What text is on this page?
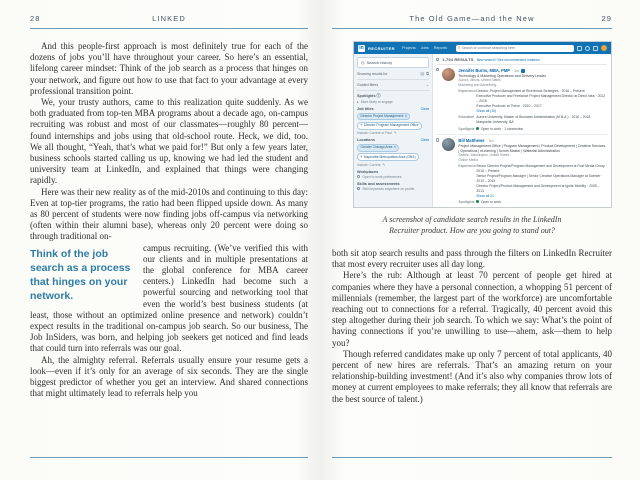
28	LINKED

And this people-first approach is most definitely true for each of the dozens of jobs you’ll have throughout your career. So here’s an essential, lifelong career mindset: Think of the job search as a process that hinges on your network, and figure out how to use that fact to your advantage at every professional transition point.

We, your trusty authors, came to this realization quite suddenly. As we both graduated from top-ten MBA programs about a decade ago, on-campus recruiting was robust and most of our classmates—roughly 80 percent—found internships and jobs using that old-school route. Heck, we did, too. We all thought, “Yeah, that’s what we paid for!” But only a few years later, business schools started calling us up, knowing we had led the student and university team at LinkedIn, and explained that things were changing rapidly.

Here was their new reality as of the mid-2010s and continuing to this day: Even at top-tier programs, the ratio had been flipped upside down. As many as 80 percent of students were now finding jobs off-campus via networking (often within their alumni base), whereas only 20 percent were doing so through traditional on-

Think of the job search as a process that hinges on your network.

campus recruiting. (We’ve verified this with our clients and in multiple presentations at the global conference for MBA career centers.) LinkedIn had become such a powerful sourcing and networking tool that even the world’s best business students (at least, those without an optimized online presence and network) couldn’t expect results in the traditional on-campus job search. So our business, The Job InSiders, was born, and helping job seekers get noticed and find leads that could turn into referrals was our goal.

Ah, the almighty referral. Referrals usually ensure your resume gets a look—even if it’s only for an average of six seconds. They are the single biggest predictor of whether you get an interview. And shared connections that might ultimately lead to referrals help you

The Old Game—and the New	29
in	RECRUITER Projects Jobs Reports ⌕
Search or continue searching here
◷ Search history
Showing results for	▤ ⧉
Guided filters	⌄
Spotlights ⓘ
▸ More likely to engage
Job titles	Clear
Director Project Management ×
+ Director Program Management Office
Include: Current or Past ✎
Locations	Clear
Greater Chicago Area ×
+ Naperville Metropolitan Area (ONS)
Include: Current ✎
Workplaces
Open to work preferences
Skills and assessments
Skill keywords anywhere on profile
1,794 RESULTS New search? See recommended matches
Jennifer Burns, MBA, PMP · 3rd
Technology & Marketing Operations and Delivery Leader
Aurora, Illinois, United States
Marketing and Advertising
Experience Director, Project Management at Riverbrook Strategies · 2016 – Present
Executive Producer and Freelance Project Management Director at Direct Idea · 2012 – 2016
Executive Producer at Thrive · 2010 – 2017
Show all (10)
Education Aurora University, Master of Business Administration (M.B.A.) · 2016 – 2018
Marquette University, BA
Spotlights	Open to work · 1 connection
Bill Matthews · 3rd
Project Management Office | Program Management | Product Development | Creative Services | Operations | eLearning | Scrum Master | Waterfall Administration
Seattle, Washington, United States
Online Media
Experience Senior Director Project/Program Management and Development at Post Media Group · 2015 – Present
Senior Project/Program Manager | Senior Creative Operations Manager at Scenter · 2010 – 2015
Director Project/Product Management and Development at Ignite Mobility · 2008 – 2013
Show all 21
Spotlights	Open to work

A screenshot of candidate search results in the LinkedIn Recruiter product. How are you going to stand out?

both sit atop search results and pass through the filters on LinkedIn Recruiter that most every recruiter uses all day long.

Here’s the rub: Although at least 70 percent of people get hired at companies where they have a personal connection, a whopping 51 percent of millennials (remember, the largest part of the workforce) are uncomfortable reaching out to connections for a referral. Tragically, 40 percent avoid this step altogether during their job search. To which we say: What’s the point of having connections if you’re unwilling to use—ahem, ask—them to help you?

Though referred candidates make up only 7 percent of total applicants, 40 percent of new hires are referrals. That’s an amazing return on your relationship-building investment! (And it’s also why companies throw lots of money at current employees to make referrals; they all know that referrals are the best source of talent.)
